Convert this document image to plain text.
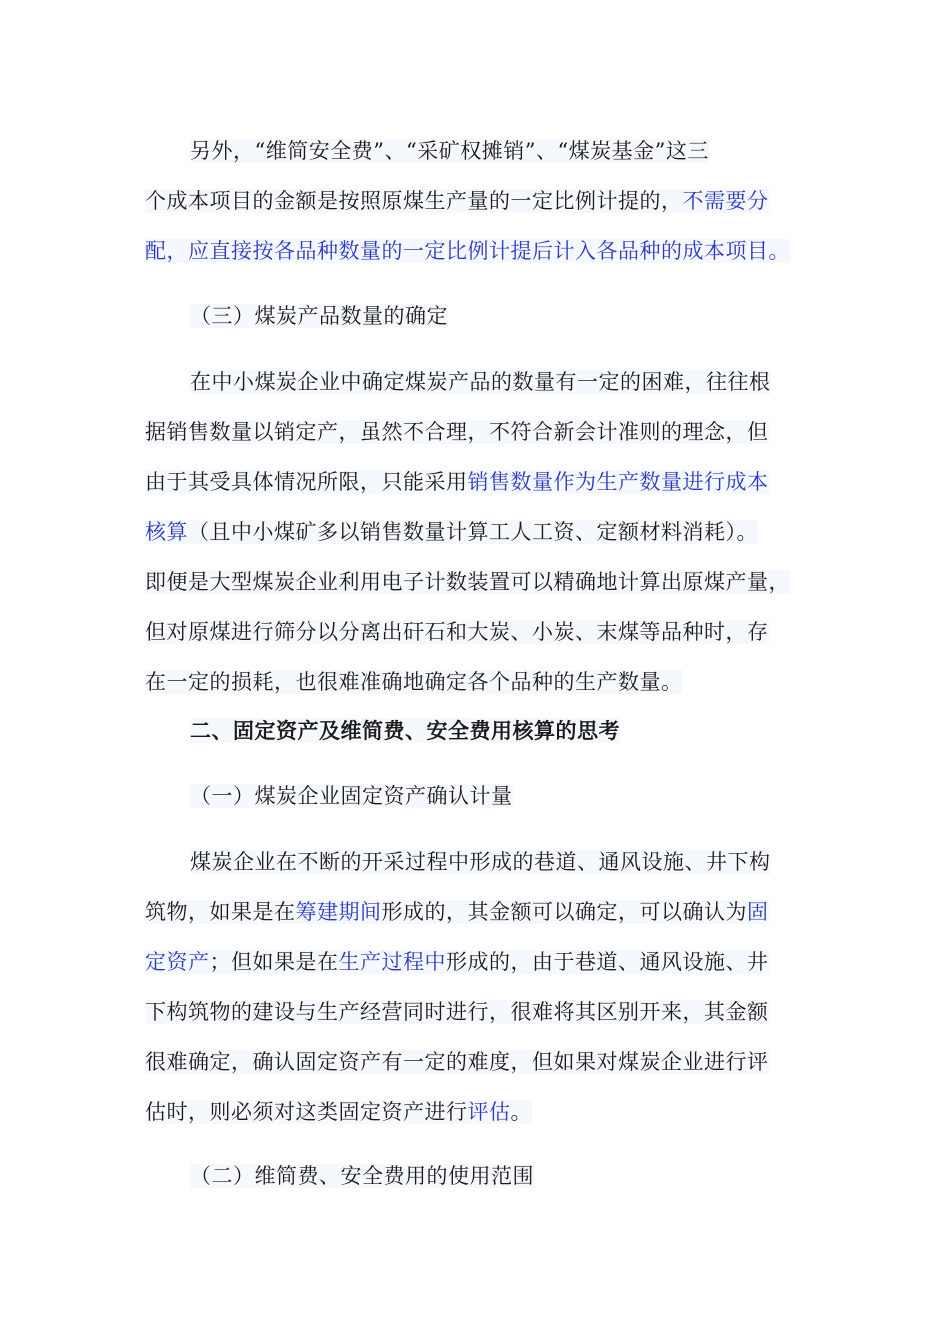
另外，“维简安全费”、“采矿权摊销”、“煤炭基金”这三
个成本项目的金额是按照原煤生产量的一定比例计提的，不需要分
配，应直接按各品种数量的一定比例计提后计入各品种的成本项目。
（三）煤炭产品数量的确定
在中小煤炭企业中确定煤炭产品的数量有一定的困难，往往根
据销售数量以销定产，虽然不合理，不符合新会计准则的理念，但
由于其受具体情况所限，只能采用销售数量作为生产数量进行成本
核算（且中小煤矿多以销售数量计算工人工资、定额材料消耗）。
即便是大型煤炭企业利用电子计数装置可以精确地计算出原煤产量，
但对原煤进行筛分以分离出矸石和大炭、小炭、末煤等品种时，存
在一定的损耗，也很难准确地确定各个品种的生产数量。
二、固定资产及维简费、安全费用核算的思考
（一）煤炭企业固定资产确认计量
煤炭企业在不断的开采过程中形成的巷道、通风设施、井下构
筑物，如果是在筹建期间形成的，其金额可以确定，可以确认为固
定资产；但如果是在生产过程中形成的，由于巷道、通风设施、井
下构筑物的建设与生产经营同时进行，很难将其区别开来，其金额
很难确定，确认固定资产有一定的难度，但如果对煤炭企业进行评
估时，则必须对这类固定资产进行评估。
（二）维简费、安全费用的使用范围
